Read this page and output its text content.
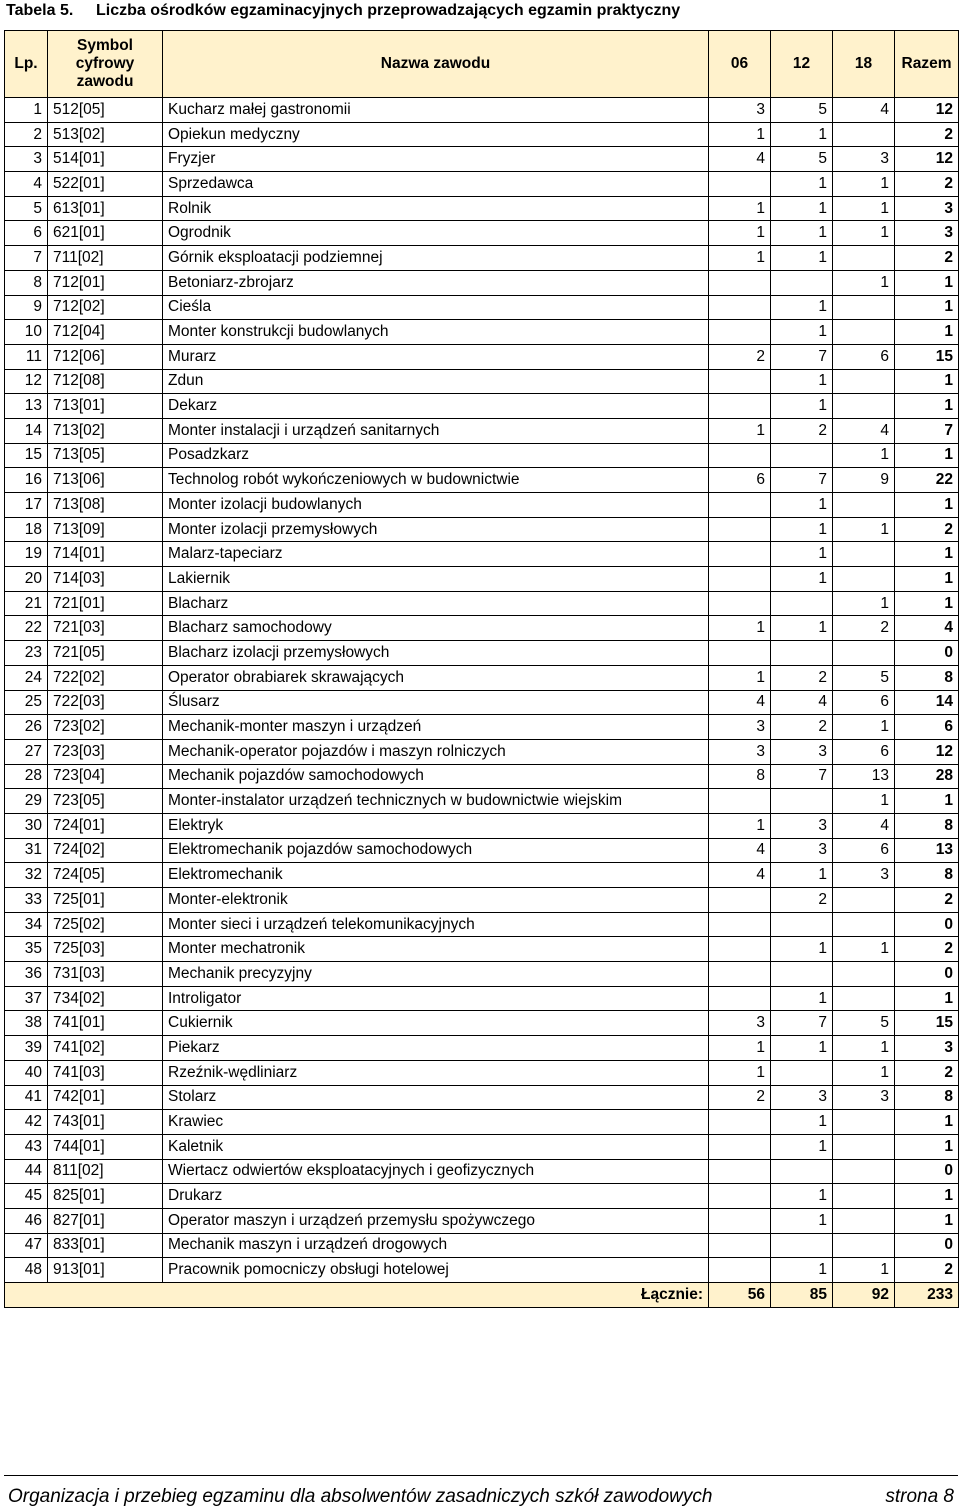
Tabela 5. Liczba ośrodków egzaminacyjnych przeprowadzających egzamin praktyczny
Lp.	Symbol cyfrowy zawodu	Nazwa zawodu	06	12	18	Razem
1	512[05]	Kucharz małej gastronomii	3	5	4	12
2	513[02]	Opiekun medyczny	1	1		2
3	514[01]	Fryzjer	4	5	3	12
4	522[01]	Sprzedawca		1	1	2
5	613[01]	Rolnik	1	1	1	3
6	621[01]	Ogrodnik	1	1	1	3
7	711[02]	Górnik eksploatacji podziemnej	1	1		2
8	712[01]	Betoniarz-zbrojarz			1	1
9	712[02]	Cieśla		1		1
10	712[04]	Monter konstrukcji budowlanych		1		1
11	712[06]	Murarz	2	7	6	15
12	712[08]	Zdun		1		1
13	713[01]	Dekarz		1		1
14	713[02]	Monter instalacji i urządzeń sanitarnych	1	2	4	7
15	713[05]	Posadzkarz			1	1
16	713[06]	Technolog robót wykończeniowych w budownictwie	6	7	9	22
17	713[08]	Monter izolacji budowlanych		1		1
18	713[09]	Monter izolacji przemysłowych		1	1	2
19	714[01]	Malarz-tapeciarz		1		1
20	714[03]	Lakiernik		1		1
21	721[01]	Blacharz			1	1
22	721[03]	Blacharz samochodowy	1	1	2	4
23	721[05]	Blacharz izolacji przemysłowych				0
24	722[02]	Operator obrabiarek skrawających	1	2	5	8
25	722[03]	Ślusarz	4	4	6	14
26	723[02]	Mechanik-monter maszyn i urządzeń	3	2	1	6
27	723[03]	Mechanik-operator pojazdów i maszyn rolniczych	3	3	6	12
28	723[04]	Mechanik pojazdów samochodowych	8	7	13	28
29	723[05]	Monter-instalator urządzeń technicznych w budownictwie wiejskim			1	1
30	724[01]	Elektryk	1	3	4	8
31	724[02]	Elektromechanik pojazdów samochodowych	4	3	6	13
32	724[05]	Elektromechanik	4	1	3	8
33	725[01]	Monter-elektronik		2		2
34	725[02]	Monter sieci i urządzeń telekomunikacyjnych				0
35	725[03]	Monter mechatronik		1	1	2
36	731[03]	Mechanik precyzyjny				0
37	734[02]	Introligator		1		1
38	741[01]	Cukiernik	3	7	5	15
39	741[02]	Piekarz	1	1	1	3
40	741[03]	Rzeźnik-wędliniarz	1		1	2
41	742[01]	Stolarz	2	3	3	8
42	743[01]	Krawiec		1		1
43	744[01]	Kaletnik		1		1
44	811[02]	Wiertacz odwiertów eksploatacyjnych i geofizycznych				0
45	825[01]	Drukarz		1		1
46	827[01]	Operator maszyn i urządzeń przemysłu spożywczego		1		1
47	833[01]	Mechanik maszyn i urządzeń drogowych				0
48	913[01]	Pracownik pomocniczy obsługi hotelowej		1	1	2
Łącznie:			56	85	92	233
Organizacja i przebieg egzaminu dla absolwentów zasadniczych szkół zawodowych	strona 8
